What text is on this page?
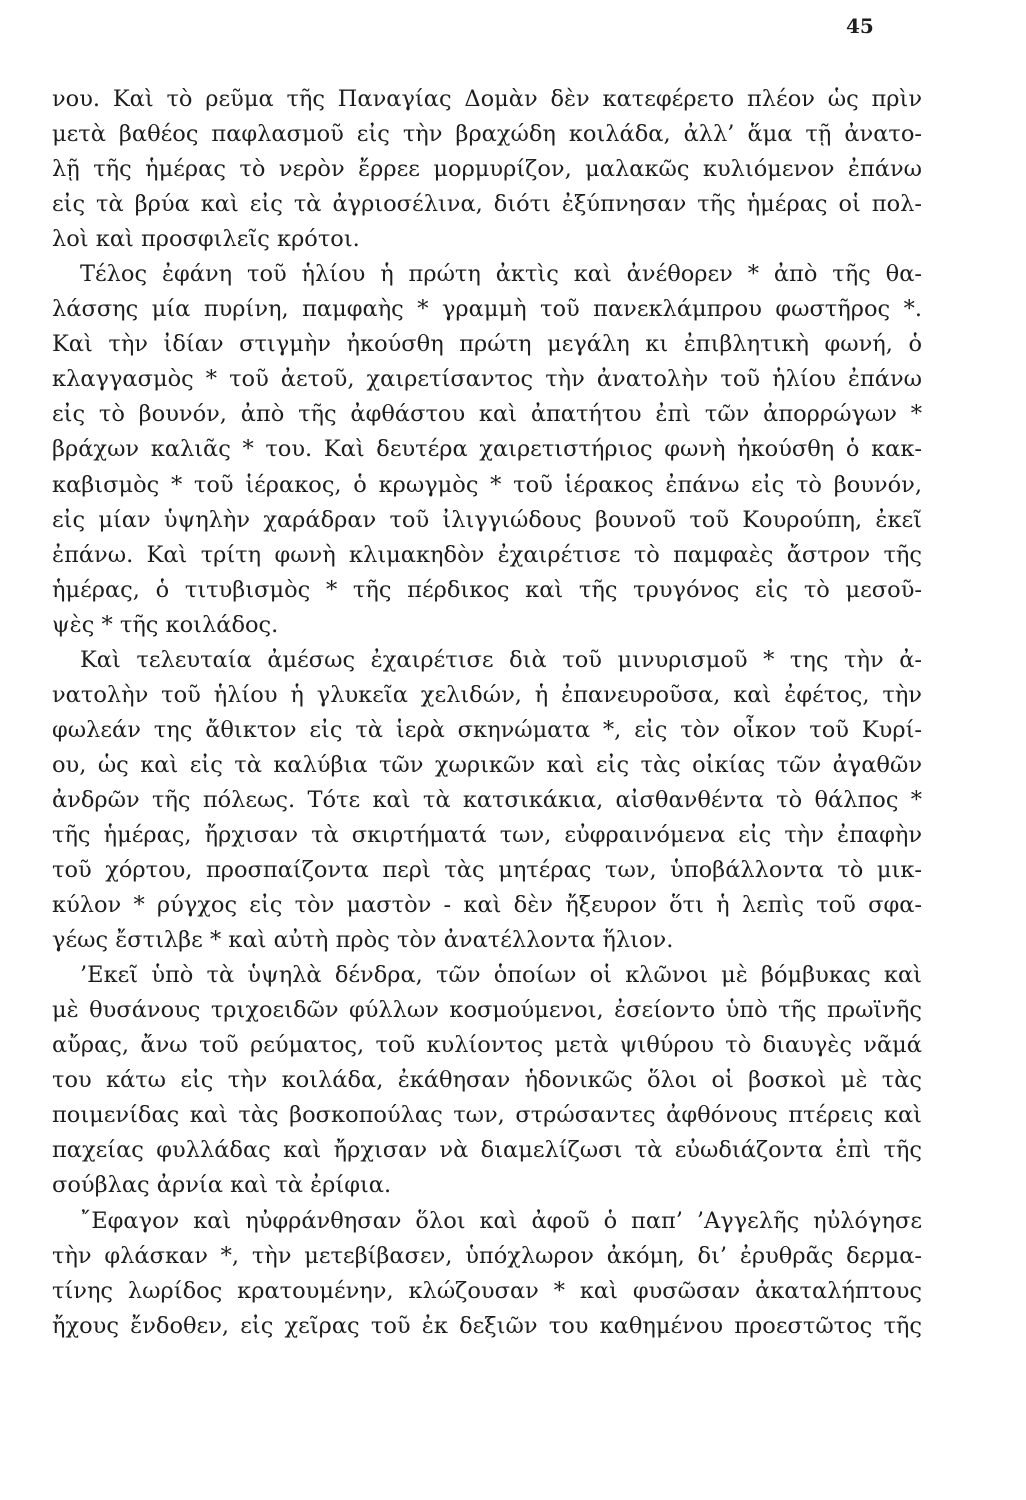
45
νου. Καὶ τὸ ρεῦμα τῆς Παναγίας Δομὰν δὲν κατεφέρετο πλέον ὡς πρὶν
μετὰ βαθέος παφλασμοῦ εἰς τὴν βραχώδη κοιλάδα, ἀλλ’ ἅμα τῇ ἀνατο-
λῇ τῆς ἡμέρας τὸ νερὸν ἔρρεε μορμυρίζον, μαλακῶς κυλιόμενον ἐπάνω
εἰς τὰ βρύα καὶ εἰς τὰ ἀγριοσέλινα, διότι ἐξύπνησαν τῆς ἡμέρας οἱ πολ-
λοὶ καὶ προσφιλεῖς κρότοι.
Τέλος ἐφάνη τοῦ ἡλίου ἡ πρώτη ἀκτὶς καὶ ἀνέθορεν * ἀπὸ τῆς θα-
λάσσης μία πυρίνη, παμφαὴς * γραμμὴ τοῦ πανεκλάμπρου φωστῆρος *.
Καὶ τὴν ἰδίαν στιγμὴν ἠκούσθη πρώτη μεγάλη κι ἐπιβλητικὴ φωνή, ὁ
κλαγγασμὸς * τοῦ ἀετοῦ, χαιρετίσαντος τὴν ἀνατολὴν τοῦ ἡλίου ἐπάνω
εἰς τὸ βουνόν, ἀπὸ τῆς ἀφθάστου καὶ ἀπατήτου ἐπὶ τῶν ἀπορρώγων *
βράχων καλιᾶς * του. Καὶ δευτέρα χαιρετιστήριος φωνὴ ἠκούσθη ὁ κακ-
καβισμὸς * τοῦ ἱέρακος, ὁ κρωγμὸς * τοῦ ἱέρακος ἐπάνω εἰς τὸ βουνόν,
εἰς μίαν ὑψηλὴν χαράδραν τοῦ ἰλιγγιώδους βουνοῦ τοῦ Κουρούπη, ἐκεῖ
ἐπάνω. Καὶ τρίτη φωνὴ κλιμακηδὸν ἐχαιρέτισε τὸ παμφαὲς ἄστρον τῆς
ἡμέρας, ὁ τιτυβισμὸς * τῆς πέρδικος καὶ τῆς τρυγόνος εἰς τὸ μεσοῦ-
ψὲς * τῆς κοιλάδος.
Καὶ τελευταία ἀμέσως ἐχαιρέτισε διὰ τοῦ μινυρισμοῦ * της τὴν ἀ-
νατολὴν τοῦ ἡλίου ἡ γλυκεῖα χελιδών, ἡ ἐπανευροῦσα, καὶ ἐφέτος, τὴν
φωλεάν της ἄθικτον εἰς τὰ ἱερὰ σκηνώματα *, εἰς τὸν οἶκον τοῦ Κυρί-
ου, ὡς καὶ εἰς τὰ καλύβια τῶν χωρικῶν καὶ εἰς τὰς οἰκίας τῶν ἀγαθῶν
ἀνδρῶν τῆς πόλεως. Τότε καὶ τὰ κατσικάκια, αἰσθανθέντα τὸ θάλπος *
τῆς ἡμέρας, ἤρχισαν τὰ σκιρτήματά των, εὐφραινόμενα εἰς τὴν ἐπαφὴν
τοῦ χόρτου, προσπαίζοντα περὶ τὰς μητέρας των, ὑποβάλλοντα τὸ μικ-
κύλον * ρύγχος εἰς τὸν μαστὸν - καὶ δὲν ἤξευρον ὅτι ἡ λεπὶς τοῦ σφα-
γέως ἔστιλβε * καὶ αὐτὴ πρὸς τὸν ἀνατέλλοντα ἥλιον.
’Εκεῖ ὑπὸ τὰ ὑψηλὰ δένδρα, τῶν ὁποίων οἱ κλῶνοι μὲ βόμβυκας καὶ
μὲ θυσάνους τριχοειδῶν φύλλων κοσμούμενοι, ἐσείοντο ὑπὸ τῆς πρωϊνῆς
αὔρας, ἄνω τοῦ ρεύματος, τοῦ κυλίοντος μετὰ ψιθύρου τὸ διαυγὲς νᾶμά
του κάτω εἰς τὴν κοιλάδα, ἐκάθησαν ἡδονικῶς ὅλοι οἱ βοσκοὶ μὲ τὰς
ποιμενίδας καὶ τὰς βοσκοπούλας των, στρώσαντες ἀφθόνους πτέρεις καὶ
παχείας φυλλάδας καὶ ἤρχισαν νὰ διαμελίζωσι τὰ εὐωδιάζοντα ἐπὶ τῆς
σούβλας ἀρνία καὶ τὰ ἐρίφια.
῎Εφαγον καὶ ηὐφράνθησαν ὅλοι καὶ ἀφοῦ ὁ παπ’ ’Αγγελῆς ηὐλόγησε
τὴν φλάσκαν *, τὴν μετεβίβασεν, ὑπόχλωρον ἀκόμη, δι’ ἐρυθρᾶς δερμα-
τίνης λωρίδος κρατουμένην, κλώζουσαν * καὶ φυσῶσαν ἀκαταλήπτους
ἤχους ἔνδοθεν, εἰς χεῖρας τοῦ ἐκ δεξιῶν του καθημένου προεστῶτος τῆς
